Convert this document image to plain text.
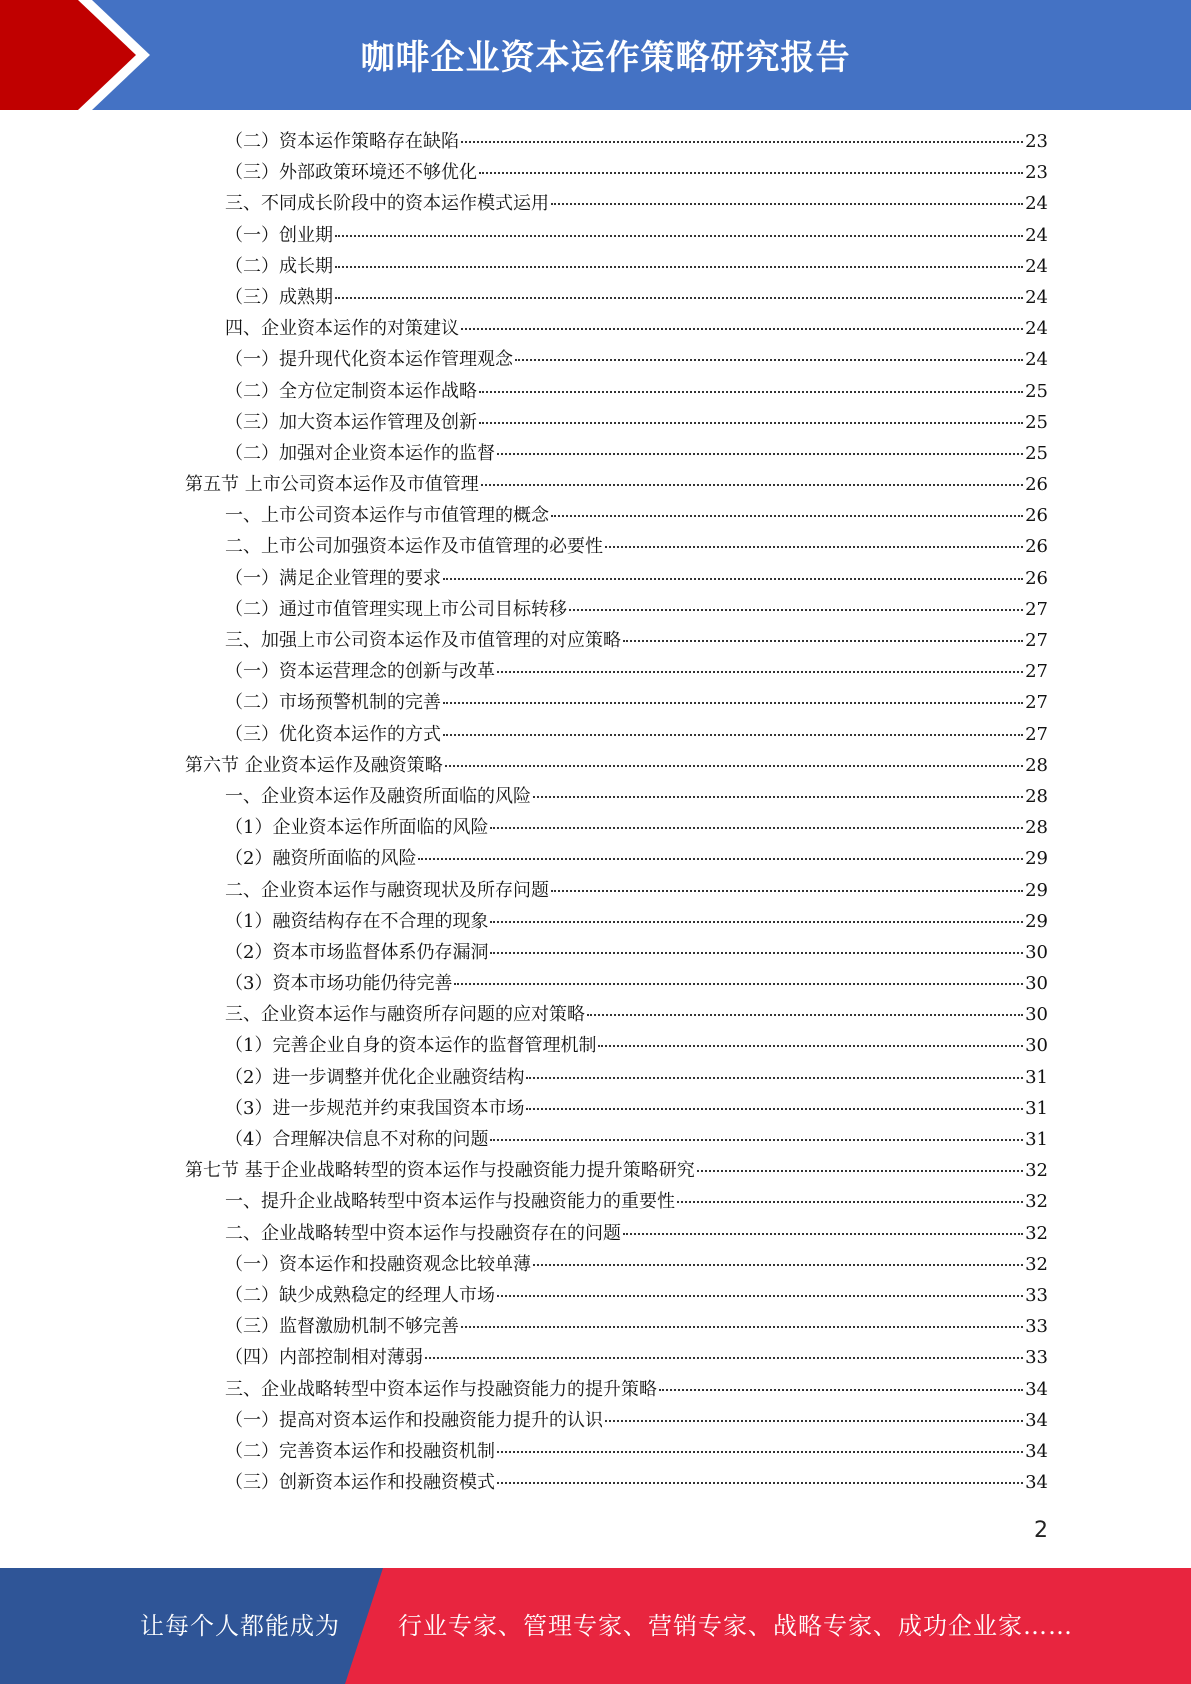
咖啡企业资本运作策略研究报告
（二）资本运作策略存在缺陷	23
（三）外部政策环境还不够优化	23
三、不同成长阶段中的资本运作模式运用	24
（一）创业期	24
（二）成长期	24
（三）成熟期	24
四、企业资本运作的对策建议	24
（一）提升现代化资本运作管理观念	24
（二）全方位定制资本运作战略	25
（三）加大资本运作管理及创新	25
（二）加强对企业资本运作的监督	25
第五节 上市公司资本运作及市值管理	26
一、上市公司资本运作与市值管理的概念	26
二、上市公司加强资本运作及市值管理的必要性	26
（一）满足企业管理的要求	26
（二）通过市值管理实现上市公司目标转移	27
三、加强上市公司资本运作及市值管理的对应策略	27
（一）资本运营理念的创新与改革	27
（二）市场预警机制的完善	27
（三）优化资本运作的方式	27
第六节 企业资本运作及融资策略	28
一、企业资本运作及融资所面临的风险	28
（1）企业资本运作所面临的风险	28
（2）融资所面临的风险	29
二、企业资本运作与融资现状及所存问题	29
（1）融资结构存在不合理的现象	29
（2）资本市场监督体系仍存漏洞	30
（3）资本市场功能仍待完善	30
三、企业资本运作与融资所存问题的应对策略	30
（1）完善企业自身的资本运作的监督管理机制	30
（2）进一步调整并优化企业融资结构	31
（3）进一步规范并约束我国资本市场	31
（4）合理解决信息不对称的问题	31
第七节 基于企业战略转型的资本运作与投融资能力提升策略研究	32
一、提升企业战略转型中资本运作与投融资能力的重要性	32
二、企业战略转型中资本运作与投融资存在的问题	32
（一）资本运作和投融资观念比较单薄	32
（二）缺少成熟稳定的经理人市场	33
（三）监督激励机制不够完善	33
（四）内部控制相对薄弱	33
三、企业战略转型中资本运作与投融资能力的提升策略	34
（一）提高对资本运作和投融资能力提升的认识	34
（二）完善资本运作和投融资机制	34
（三）创新资本运作和投融资模式	34
2
让每个人都能成为 行业专家、管理专家、营销专家、战略专家、成功企业家……
